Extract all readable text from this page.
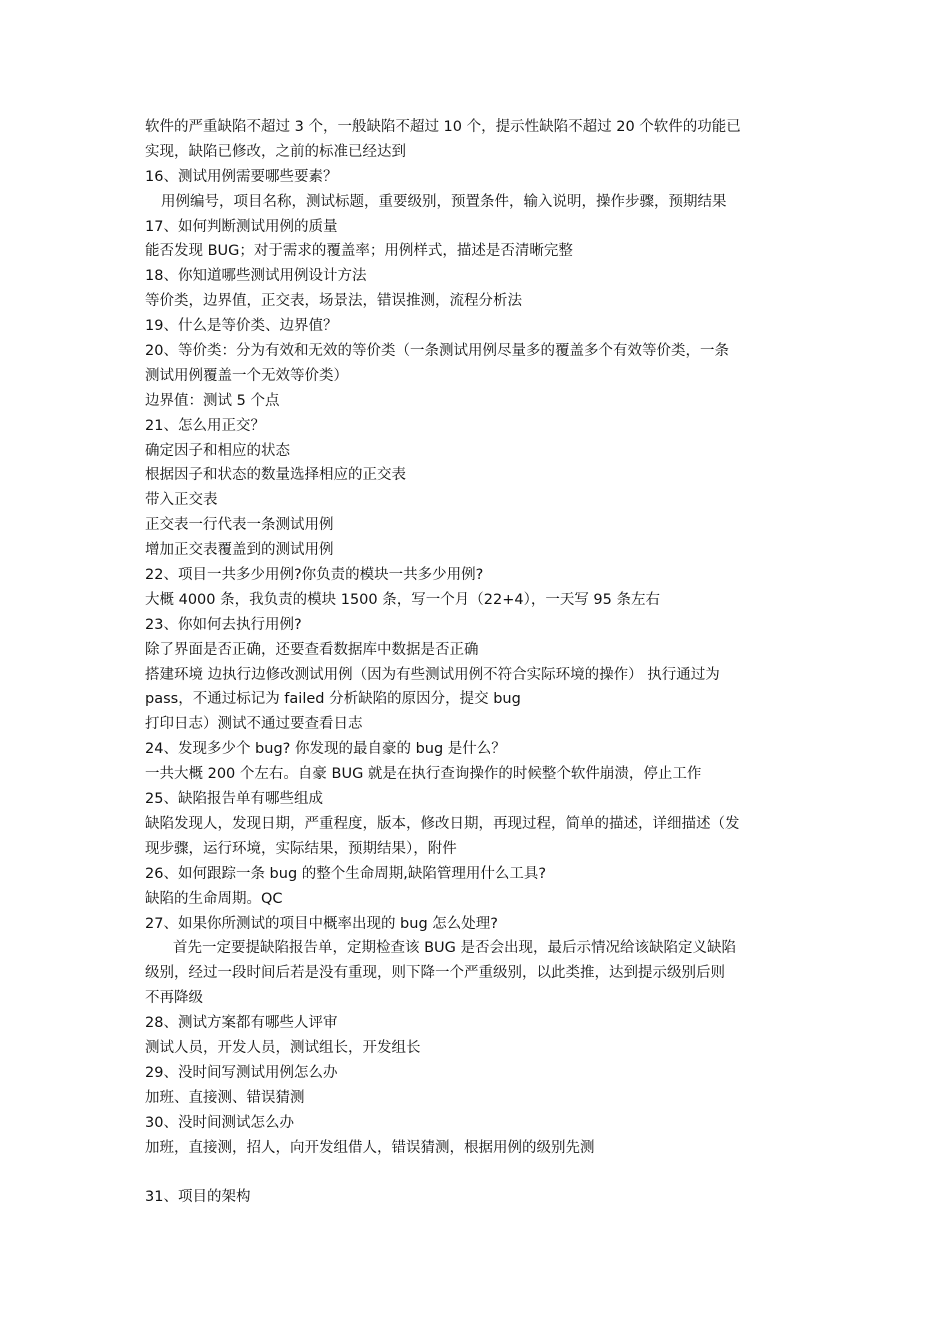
软件的严重缺陷不超过 3 个，一般缺陷不超过 10 个，提示性缺陷不超过 20 个软件的功能已
实现，缺陷已修改，之前的标准已经达到
16、测试用例需要哪些要素？
用例编号，项目名称，测试标题，重要级别，预置条件，输入说明，操作步骤，预期结果
17、如何判断测试用例的质量
能否发现 BUG；对于需求的覆盖率；用例样式，描述是否清晰完整
18、你知道哪些测试用例设计方法
等价类，边界值，正交表，场景法，错误推测，流程分析法
19、什么是等价类、边界值？
20、等价类：分为有效和无效的等价类（一条测试用例尽量多的覆盖多个有效等价类，一条
测试用例覆盖一个无效等价类）
边界值：测试 5 个点
21、怎么用正交？
确定因子和相应的状态
根据因子和状态的数量选择相应的正交表
带入正交表
正交表一行代表一条测试用例
增加正交表覆盖到的测试用例
22、项目一共多少用例?你负责的模块一共多少用例?
大概 4000 条，我负责的模块 1500 条，写一个月（22+4），一天写 95 条左右
23、你如何去执行用例?
除了界面是否正确，还要查看数据库中数据是否正确
搭建环境 边执行边修改测试用例（因为有些测试用例不符合实际环境的操作） 执行通过为
pass，不通过标记为 failed 分析缺陷的原因分，提交 bug
打印日志）测试不通过要查看日志
24、发现多少个 bug? 你发现的最自豪的 bug 是什么？
一共大概 200 个左右。自豪 BUG 就是在执行查询操作的时候整个软件崩溃，停止工作
25、缺陷报告单有哪些组成
缺陷发现人，发现日期，严重程度，版本，修改日期，再现过程，简单的描述，详细描述（发
现步骤，运行环境，实际结果，预期结果），附件
26、如何跟踪一条 bug 的整个生命周期,缺陷管理用什么工具?
缺陷的生命周期。QC
27、如果你所测试的项目中概率出现的 bug 怎么处理?
首先一定要提缺陷报告单，定期检查该 BUG 是否会出现，最后示情况给该缺陷定义缺陷
级别，经过一段时间后若是没有重现，则下降一个严重级别，以此类推，达到提示级别后则
不再降级
28、测试方案都有哪些人评审
测试人员，开发人员，测试组长，开发组长
29、没时间写测试用例怎么办
加班、直接测、错误猜测
30、没时间测试怎么办
加班，直接测，招人，向开发组借人，错误猜测，根据用例的级别先测
31、项目的架构
